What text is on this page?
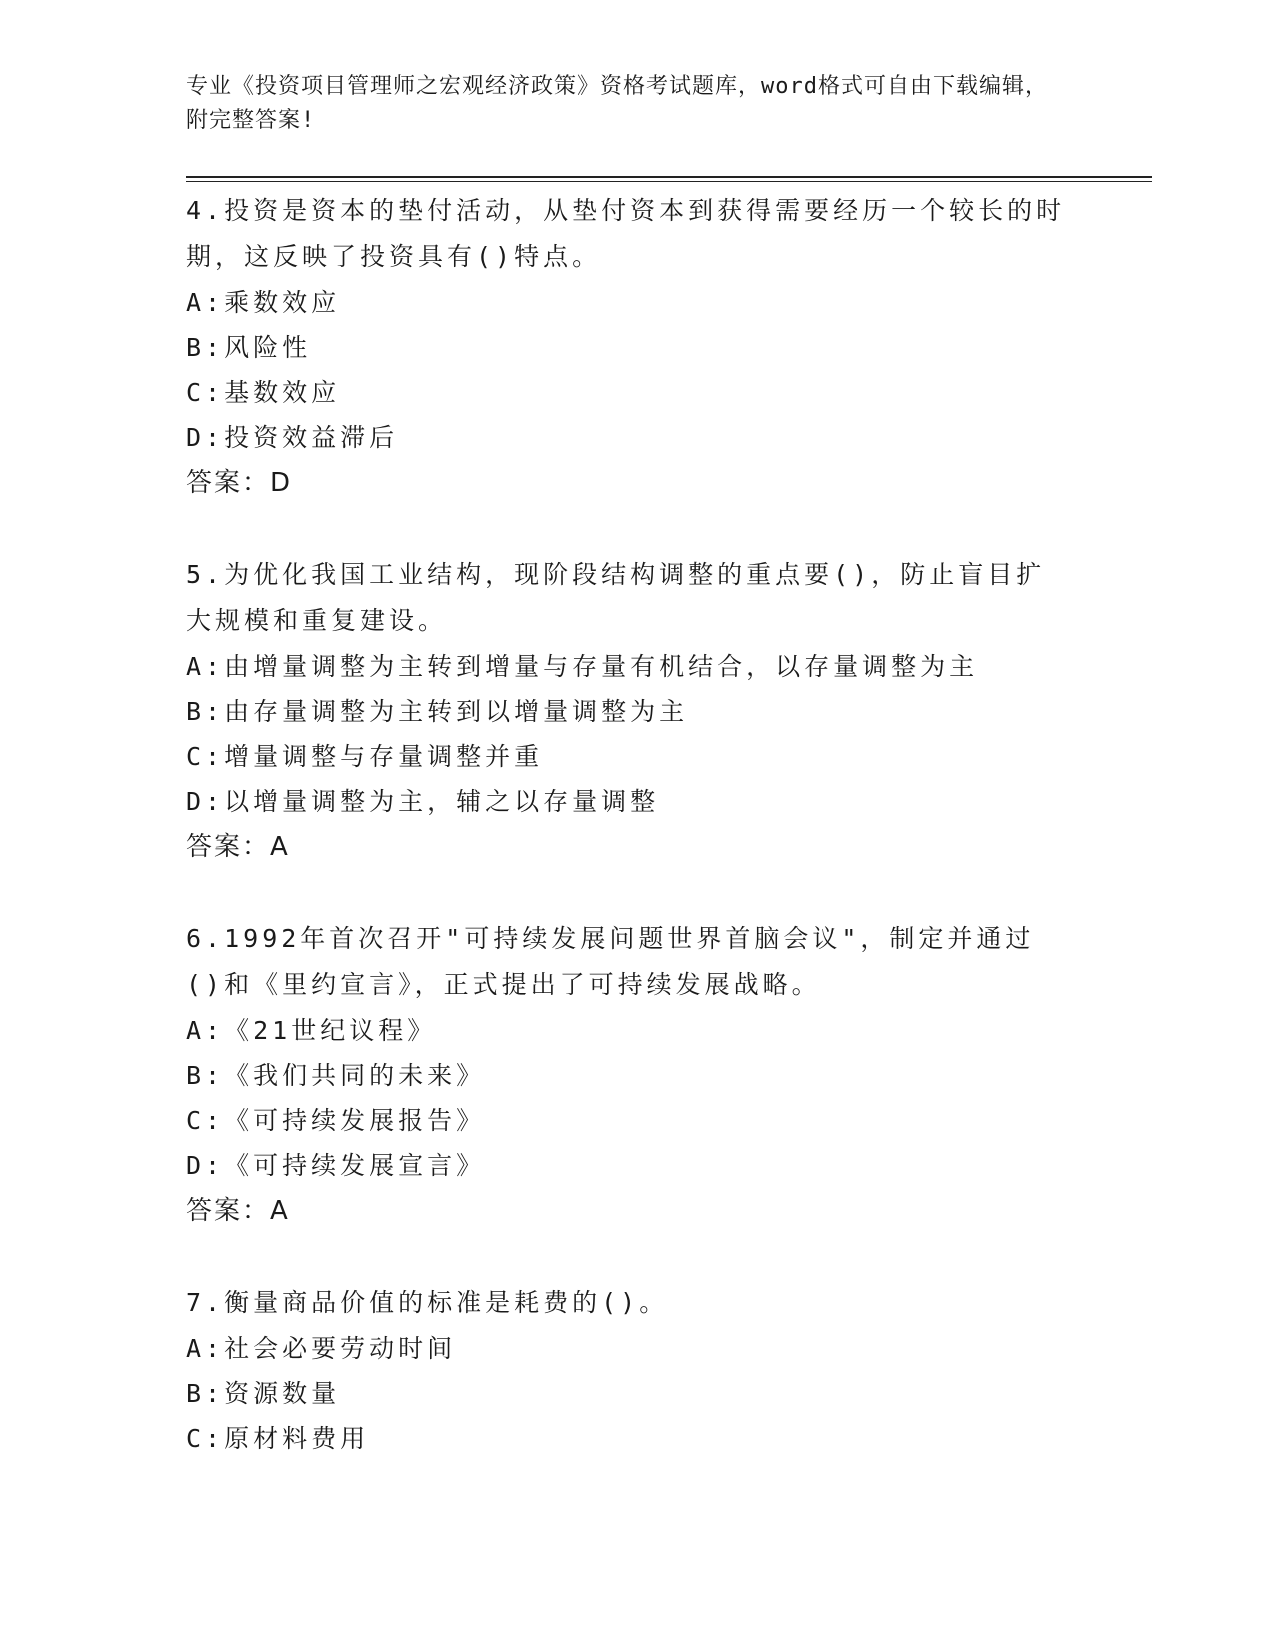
专业《投资项目管理师之宏观经济政策》资格考试题库，word格式可自由下载编辑，附完整答案!
4.投资是资本的垫付活动，从垫付资本到获得需要经历一个较长的时期，这反映了投资具有()特点。
A:乘数效应
B:风险性
C:基数效应
D:投资效益滞后
答案：D
5.为优化我国工业结构，现阶段结构调整的重点要()，防止盲目扩大规模和重复建设。
A:由增量调整为主转到增量与存量有机结合，以存量调整为主
B:由存量调整为主转到以增量调整为主
C:增量调整与存量调整并重
D:以增量调整为主，辅之以存量调整
答案：A
6.1992年首次召开"可持续发展问题世界首脑会议"，制定并通过()和《里约宣言》，正式提出了可持续发展战略。
A:《21世纪议程》
B:《我们共同的未来》
C:《可持续发展报告》
D:《可持续发展宣言》
答案：A
7.衡量商品价值的标准是耗费的()。
A:社会必要劳动时间
B:资源数量
C:原材料费用
